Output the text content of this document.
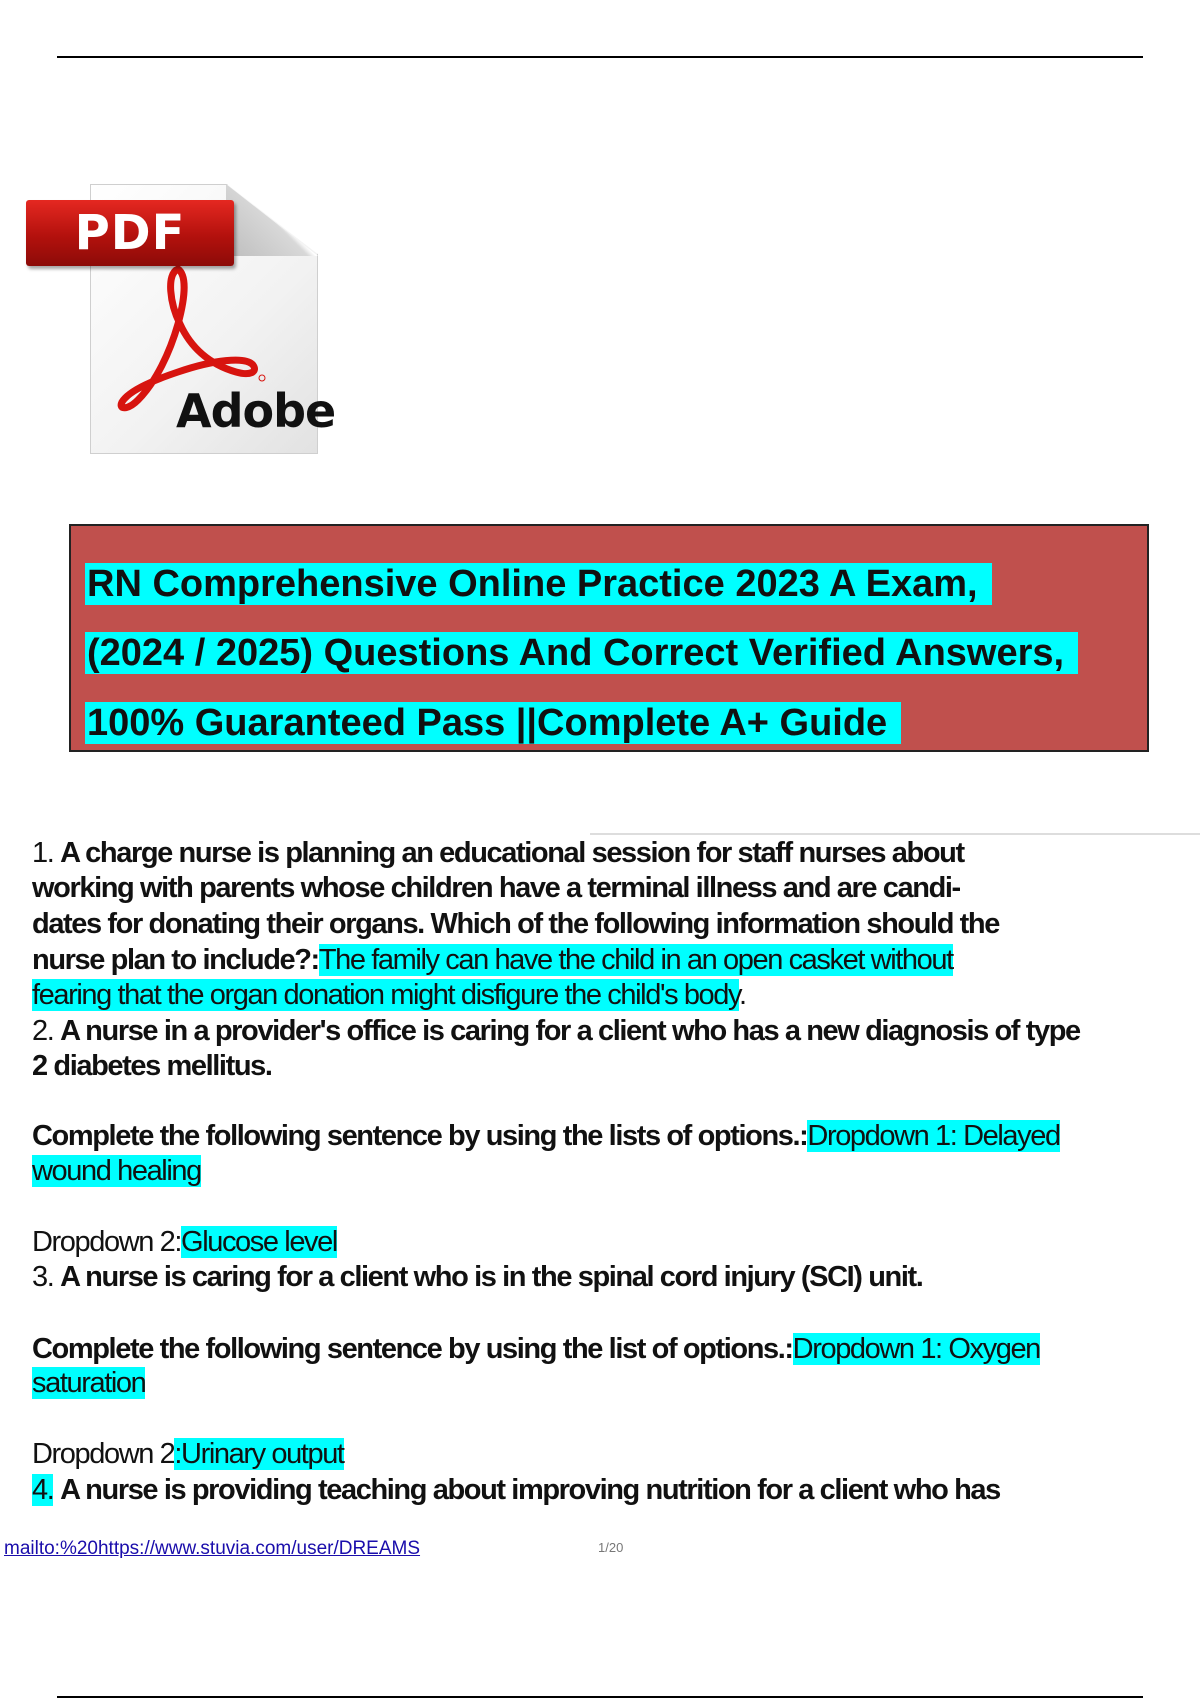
Adobe
PDF
RN Comprehensive Online Practice 2023 A Exam,
(2024 / 2025) Questions And Correct Verified Answers,
100% Guaranteed Pass ||Complete A+ Guide
1. A charge nurse is planning an educational session for staff nurses about
working with parents whose children have a terminal illness and are candi-
dates for donating their organs. Which of the following information should the
nurse plan to include?:The family can have the child in an open casket without
fearing that the organ donation might disfigure the child's body.
2. A nurse in a provider's office is caring for a client who has a new diagnosis of type
2 diabetes mellitus.
Complete the following sentence by using the lists of options.:Dropdown 1: Delayed
wound healing
Dropdown 2:Glucose level
3. A nurse is caring for a client who is in the spinal cord injury (SCI) unit.
Complete the following sentence by using the list of options.:Dropdown 1: Oxygen
saturation
Dropdown 2:Urinary output
4. A nurse is providing teaching about improving nutrition for a client who has
mailto:%20https://www.stuvia.com/user/DREAMS	1/20
